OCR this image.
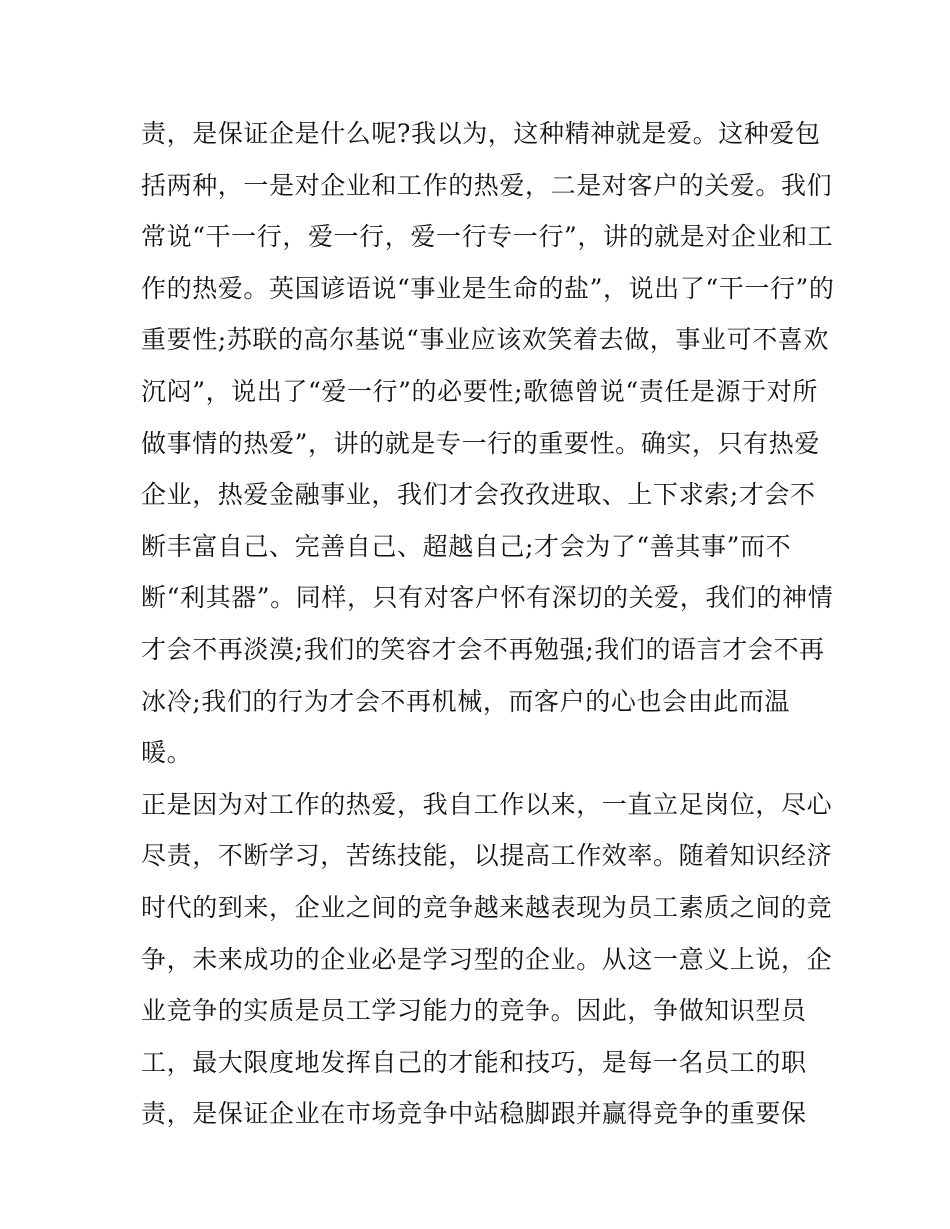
责，是保证企是什么呢?我以为，这种精神就是爱。这种爱包
括两种，一是对企业和工作的热爱，二是对客户的关爱。我们
常说“干一行，爱一行，爱一行专一行”，讲的就是对企业和工
作的热爱。英国谚语说“事业是生命的盐”，说出了“干一行”的
重要性;苏联的高尔基说“事业应该欢笑着去做，事业可不喜欢
沉闷”，说出了“爱一行”的必要性;歌德曾说“责任是源于对所
做事情的热爱”，讲的就是专一行的重要性。确实，只有热爱
企业，热爱金融事业，我们才会孜孜进取、上下求索;才会不
断丰富自己、完善自己、超越自己;才会为了“善其事”而不
断“利其器”。同样，只有对客户怀有深切的关爱，我们的神情
才会不再淡漠;我们的笑容才会不再勉强;我们的语言才会不再
冰冷;我们的行为才会不再机械，而客户的心也会由此而温
暖。
正是因为对工作的热爱，我自工作以来，一直立足岗位，尽心
尽责，不断学习，苦练技能，以提高工作效率。随着知识经济
时代的到来，企业之间的竞争越来越表现为员工素质之间的竞
争，未来成功的企业必是学习型的企业。从这一意义上说，企
业竞争的实质是员工学习能力的竞争。因此，争做知识型员
工，最大限度地发挥自己的才能和技巧，是每一名员工的职
责，是保证企业在市场竞争中站稳脚跟并赢得竞争的重要保
